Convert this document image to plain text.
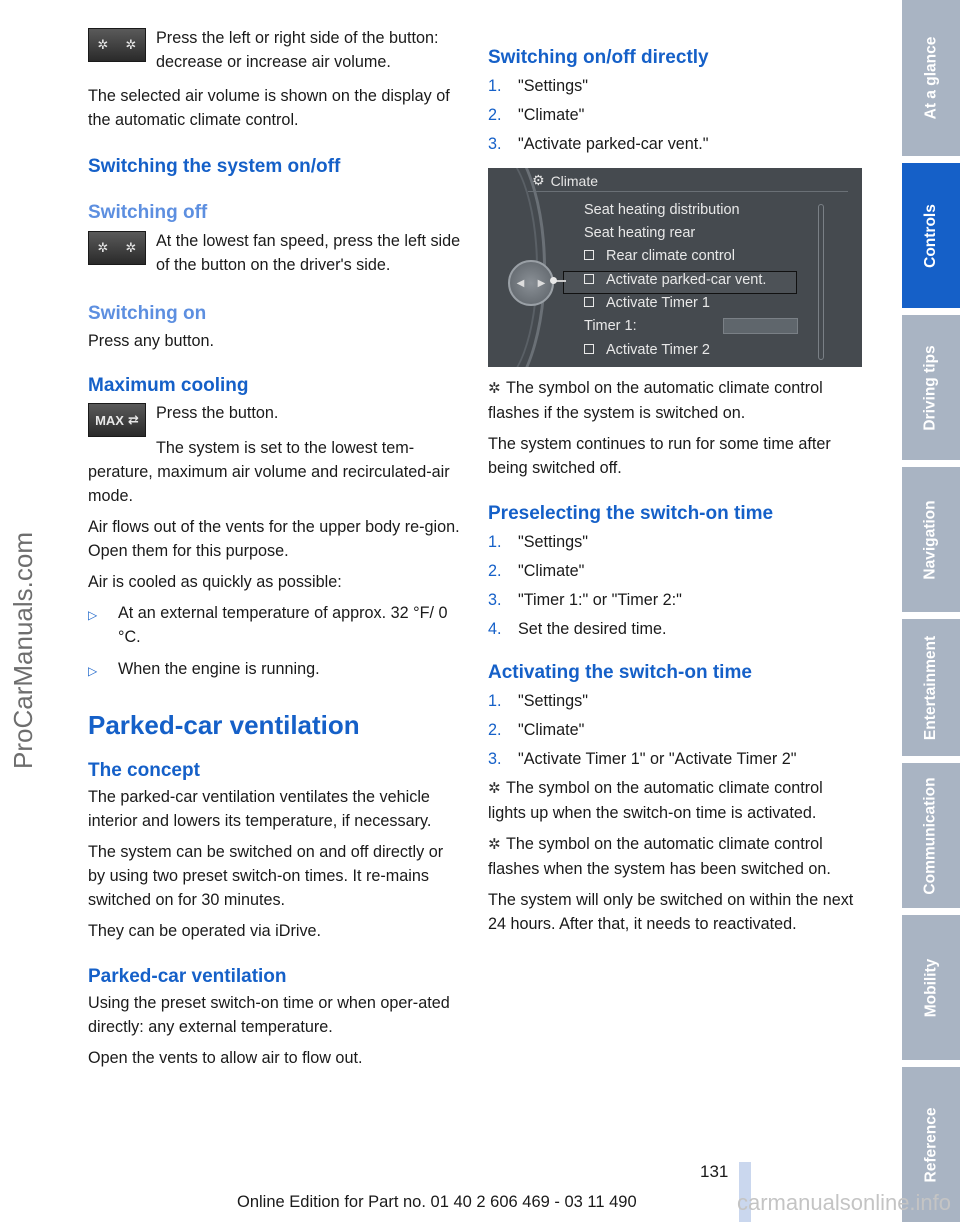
✲ ✲ Press the left or right side of the button: decrease or increase air volume.

The selected air volume is shown on the display of the automatic climate control.

Switching the system on/off
Switching off
✲ ✲ At the lowest fan speed, press the left side of the button on the driver's side.
Switching on

Press any button.

Maximum cooling
MAX ⇄ Press the button.

The system is set to the lowest tem-perature, maximum air volume and recirculated-air mode.

Air flows out of the vents for the upper body re-gion. Open them for this purpose.

Air is cooled as quickly as possible:

▷	At an external temperature of approx. 32 °F/ 0 °C.
▷	When the engine is running.
Parked-car ventilation
The concept

The parked-car ventilation ventilates the vehicle interior and lowers its temperature, if necessary.

The system can be switched on and off directly or by using two preset switch-on times. It re-mains switched on for 30 minutes.

They can be operated via iDrive.

Parked-car ventilation

Using the preset switch-on time or when oper-ated directly: any external temperature.

Open the vents to allow air to flow out.

Switching on/off directly
1.	"Settings"
2.	"Climate"
3.	"Activate parked-car vent."
⚙ Climate
Seat heating distribution
Seat heating rear
Rear climate control
Activate parked-car vent.
Activate Timer 1
Timer 1:
Activate Timer 2
◀ ▶

✲ The symbol on the automatic climate control flashes if the system is switched on.

The system continues to run for some time after being switched off.

Preselecting the switch-on time
1.	"Settings"
2.	"Climate"
3.	"Timer 1:" or "Timer 2:"
4.	Set the desired time.
Activating the switch-on time
1.	"Settings"
2.	"Climate"
3.	"Activate Timer 1" or "Activate Timer 2"

✲ The symbol on the automatic climate control lights up when the switch-on time is activated.

✲ The symbol on the automatic climate control flashes when the system has been switched on.

The system will only be switched on within the next 24 hours. After that, it needs to reactivated.

At a glance
Controls
Driving tips
Navigation
Entertainment
Communication
Mobility
Reference
ProCarManuals.com
131
Online Edition for Part no. 01 40 2 606 469 - 03 11 490	carmanualsonline.info
